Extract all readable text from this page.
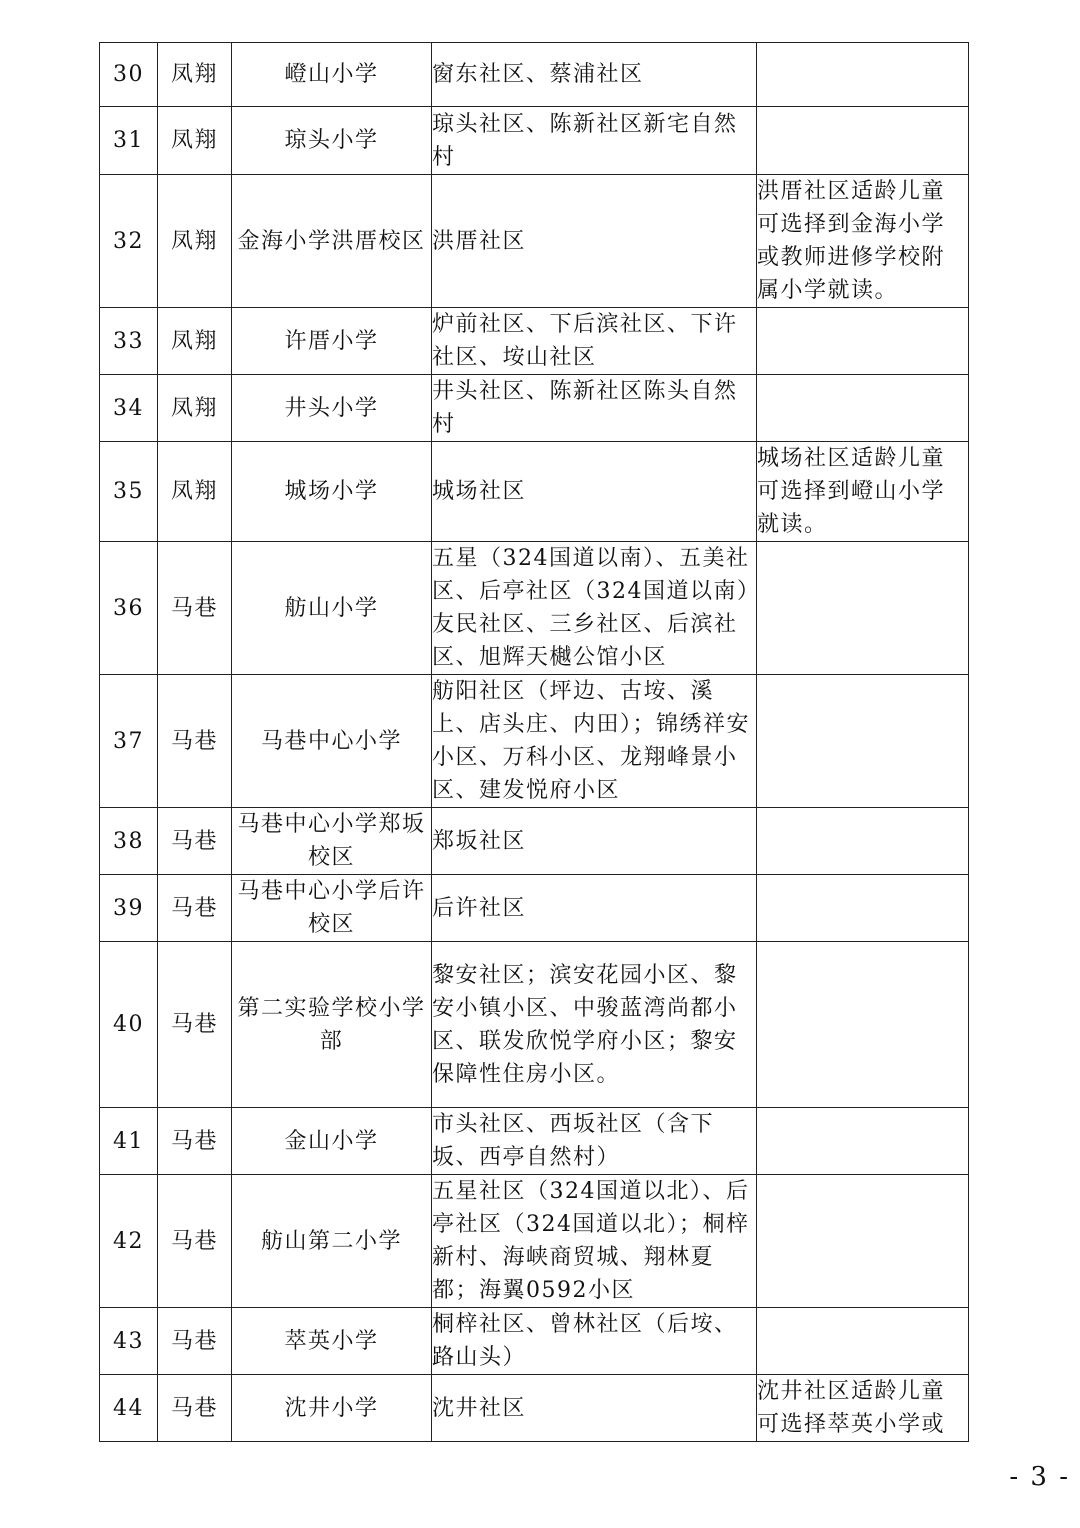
30	凤翔	嶝山小学	窗东社区、蔡浦社区	
31	凤翔	琼头小学	琼头社区、陈新社区新宅自然村	
32	凤翔	金海小学洪厝校区	洪厝社区	洪厝社区适龄儿童可选择到金海小学或教师进修学校附属小学就读。
33	凤翔	许厝小学	炉前社区、下后滨社区、下许社区、垵山社区	
34	凤翔	井头小学	井头社区、陈新社区陈头自然村	
35	凤翔	城场小学	城场社区	城场社区适龄儿童可选择到嶝山小学就读。
36	马巷	舫山小学	五星（324国道以南）、五美社区、后亭社区（324国道以南）友民社区、三乡社区、后滨社区、旭辉天樾公馆小区	
37	马巷	马巷中心小学	舫阳社区（坪边、古垵、溪上、店头庄、内田）；锦绣祥安小区、万科小区、龙翔峰景小区、建发悦府小区	
38	马巷	马巷中心小学郑坂校区	郑坂社区	
39	马巷	马巷中心小学后许校区	后许社区	
40	马巷	第二实验学校小学部	黎安社区；滨安花园小区、黎安小镇小区、中骏蓝湾尚都小区、联发欣悦学府小区；黎安保障性住房小区。	
41	马巷	金山小学	市头社区、西坂社区（含下坂、西亭自然村）	
42	马巷	舫山第二小学	五星社区（324国道以北）、后亭社区（324国道以北）；桐梓新村、海峡商贸城、翔林夏都；海翼0592小区	
43	马巷	萃英小学	桐梓社区、曾林社区（后垵、路山头）	
44	马巷	沈井小学	沈井社区	沈井社区适龄儿童可选择萃英小学或
- 3 -
